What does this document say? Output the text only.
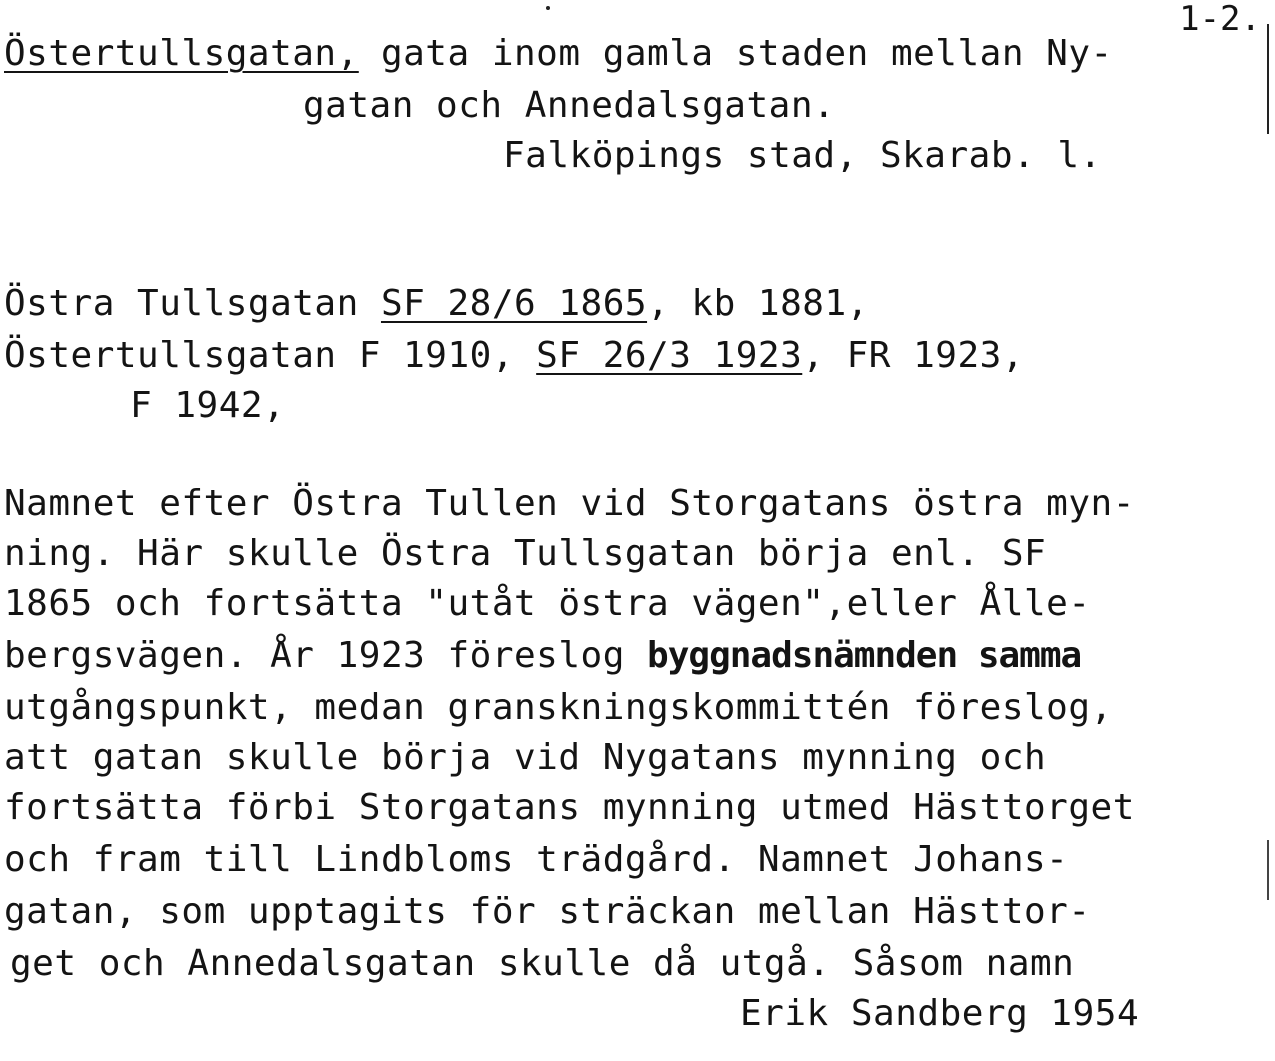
1-2.
Östertullsgatan, gata inom gamla staden mellan Ny-
gatan och Annedalsgatan.
Falköpings stad, Skarab. l.
Östra Tullsgatan SF 28/6 1865, kb 1881,
Östertullsgatan F 1910, SF 26/3 1923, FR 1923,
F 1942,
Namnet efter Östra Tullen vid Storgatans östra myn-
ning. Här skulle Östra Tullsgatan börja enl. SF
1865 och fortsätta "utåt östra vägen",eller Ålle-
bergsvägen. År 1923 föreslog byggnadsnämnden samma
utgångspunkt, medan granskningskommittén föreslog,
att gatan skulle börja vid Nygatans mynning och
fortsätta förbi Storgatans mynning utmed Hästtorget
och fram till Lindbloms trädgård. Namnet Johans-
gatan, som upptagits för sträckan mellan Hästtor-
get och Annedalsgatan skulle då utgå. Såsom namn
Erik Sandberg 1954
